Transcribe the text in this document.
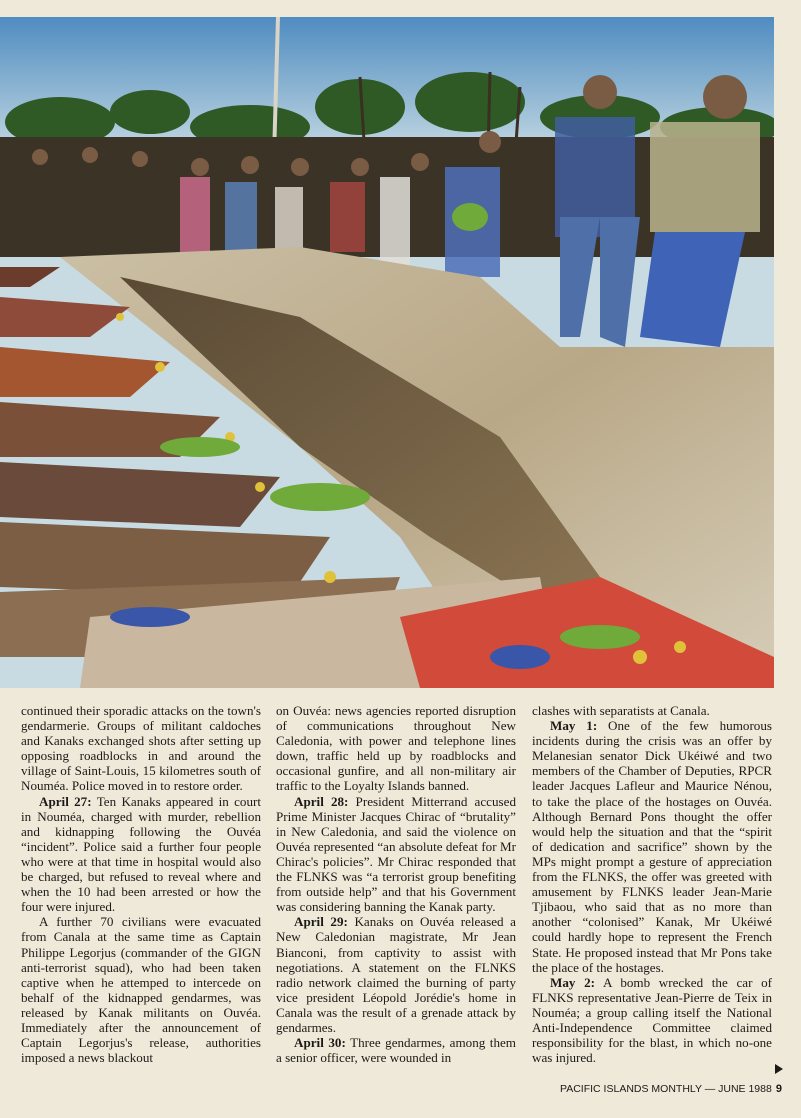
continued their sporadic attacks on the town's gendarmerie. Groups of militant caldoches and Kanaks exchanged shots after setting up opposing roadblocks in and around the village of Saint-Louis, 15 kilometres south of Nouméa. Police moved in to restore order.

April 27: Ten Kanaks appeared in court in Nouméa, charged with murder, rebellion and kidnapping following the Ouvéa “incident”. Police said a further four people who were at that time in hospital would also be charged, but refused to reveal where and when the 10 had been arrested or how the four were injured.

A further 70 civilians were evacuated from Canala at the same time as Captain Philippe Legorjus (commander of the GIGN anti-terrorist squad), who had been taken captive when he attemped to intercede on behalf of the kidnapped gendarmes, was released by Kanak militants on Ouvéa. Immediately after the announcement of Captain Legorjus's release, authorities imposed a news blackout

on Ouvéa: news agencies reported disruption of communications throughout New Caledonia, with power and telephone lines down, traffic held up by roadblocks and occasional gunfire, and all non-military air traffic to the Loyalty Islands banned.

April 28: President Mitterrand accused Prime Minister Jacques Chirac of “brutality” in New Caledonia, and said the violence on Ouvéa represented “an absolute defeat for Mr Chirac's policies”. Mr Chirac responded that the FLNKS was “a terrorist group benefiting from outside help” and that his Government was considering banning the Kanak party.

April 29: Kanaks on Ouvéa released a New Caledonian magistrate, Mr Jean Bianconi, from captivity to assist with negotiations. A statement on the FLNKS radio network claimed the burning of party vice president Léopold Jorédie's home in Canala was the result of a grenade attack by gendarmes.

April 30: Three gendarmes, among them a senior officer, were wounded in

clashes with separatists at Canala.

May 1: One of the few humorous incidents during the crisis was an offer by Melanesian senator Dick Ukéiwé and two members of the Chamber of Deputies, RPCR leader Jacques Lafleur and Maurice Nénou, to take the place of the hostages on Ouvéa. Although Bernard Pons thought the offer would help the situation and that the “spirit of dedication and sacrifice” shown by the MPs might prompt a gesture of appreciation from the FLNKS, the offer was greeted with amusement by FLNKS leader Jean-Marie Tjibaou, who said that as no more than another “colonised” Kanak, Mr Ukéiwé could hardly hope to represent the French State. He proposed instead that Mr Pons take the place of the hostages.

May 2: A bomb wrecked the car of FLNKS representative Jean-Pierre de Teix in Nouméa; a group calling itself the National Anti-Independence Committee claimed responsibility for the blast, in which no-one was injured.

PACIFIC ISLANDS MONTHLY — JUNE 1988 9
